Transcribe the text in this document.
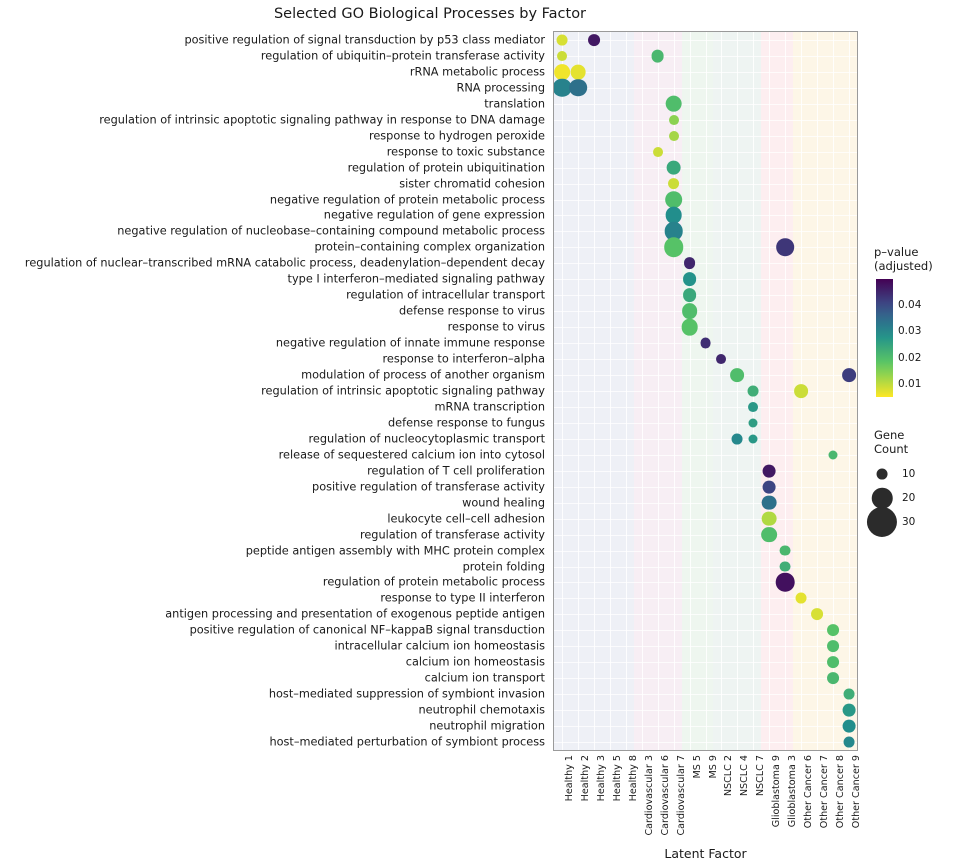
Selected GO Biological Processes by Factor
positive regulation of signal transduction by p53 class mediator
regulation of ubiquitin–protein transferase activity
rRNA metabolic process
RNA processing
translation
regulation of intrinsic apoptotic signaling pathway in response to DNA damage
response to hydrogen peroxide
response to toxic substance
regulation of protein ubiquitination
sister chromatid cohesion
negative regulation of protein metabolic process
negative regulation of gene expression
negative regulation of nucleobase–containing compound metabolic process
protein–containing complex organization
regulation of nuclear–transcribed mRNA catabolic process, deadenylation–dependent decay
type I interferon–mediated signaling pathway
regulation of intracellular transport
defense response to virus
response to virus
negative regulation of innate immune response
response to interferon–alpha
modulation of process of another organism
regulation of intrinsic apoptotic signaling pathway
mRNA transcription
defense response to fungus
regulation of nucleocytoplasmic transport
release of sequestered calcium ion into cytosol
regulation of T cell proliferation
positive regulation of transferase activity
wound healing
leukocyte cell–cell adhesion
regulation of transferase activity
peptide antigen assembly with MHC protein complex
protein folding
regulation of protein metabolic process
response to type II interferon
antigen processing and presentation of exogenous peptide antigen
positive regulation of canonical NF–kappaB signal transduction
intracellular calcium ion homeostasis
calcium ion homeostasis
calcium ion transport
host–mediated suppression of symbiont invasion
neutrophil chemotaxis
neutrophil migration
host–mediated perturbation of symbiont process
Healthy 1 Healthy 2 Healthy 3 Healthy 5 Healthy 8 Cardiovascular 3 Cardiovascular 6 Cardiovascular 7 MS 5 MS 9 NSCLC 2 NSCLC 4 NSCLC 7 Glioblastoma 9 Glioblastoma 3 Other Cancer 6 Other Cancer 7 Other Cancer 8 Other Cancer 9
Latent Factor
p–value
(adjusted)
0.04
0.03
0.02
0.01
Gene
Count
10
20
30
